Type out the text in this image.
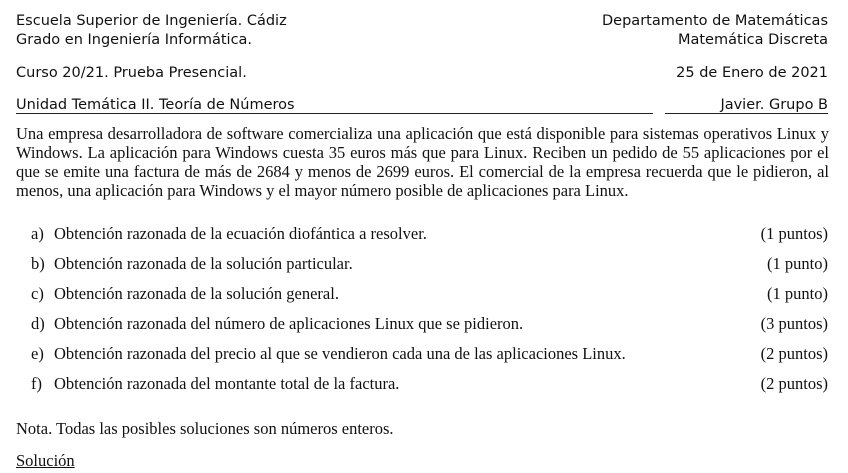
Escuela Superior de Ingeniería. Cádiz	Departamento de Matemáticas
Grado en Ingeniería Informática.	Matemática Discreta
Curso 20/21. Prueba Presencial.	25 de Enero de 2021
Unidad Temática II. Teoría de Números	Javier. Grupo B
Una empresa desarrolladora de software comercializa una aplicación que está disponible para sistemas operativos Linux y Windows. La aplicación para Windows cuesta 35 euros más que para Linux. Reciben un pedido de 55 aplicaciones por el que se emite una factura de más de 2684 y menos de 2699 euros. El comercial de la empresa recuerda que le pidieron, al menos, una aplicación para Windows y el mayor número posible de aplicaciones para Linux.
a) Obtención razonada de la ecuación diofántica a resolver.	(1 puntos)
b) Obtención razonada de la solución particular.	(1 punto)
c) Obtención razonada de la solución general.	(1 punto)
d) Obtención razonada del número de aplicaciones Linux que se pidieron.	(3 puntos)
e) Obtención razonada del precio al que se vendieron cada una de las aplicaciones Linux.	(2 puntos)
f) Obtención razonada del montante total de la factura.	(2 puntos)
Nota. Todas las posibles soluciones son números enteros.
Solución
